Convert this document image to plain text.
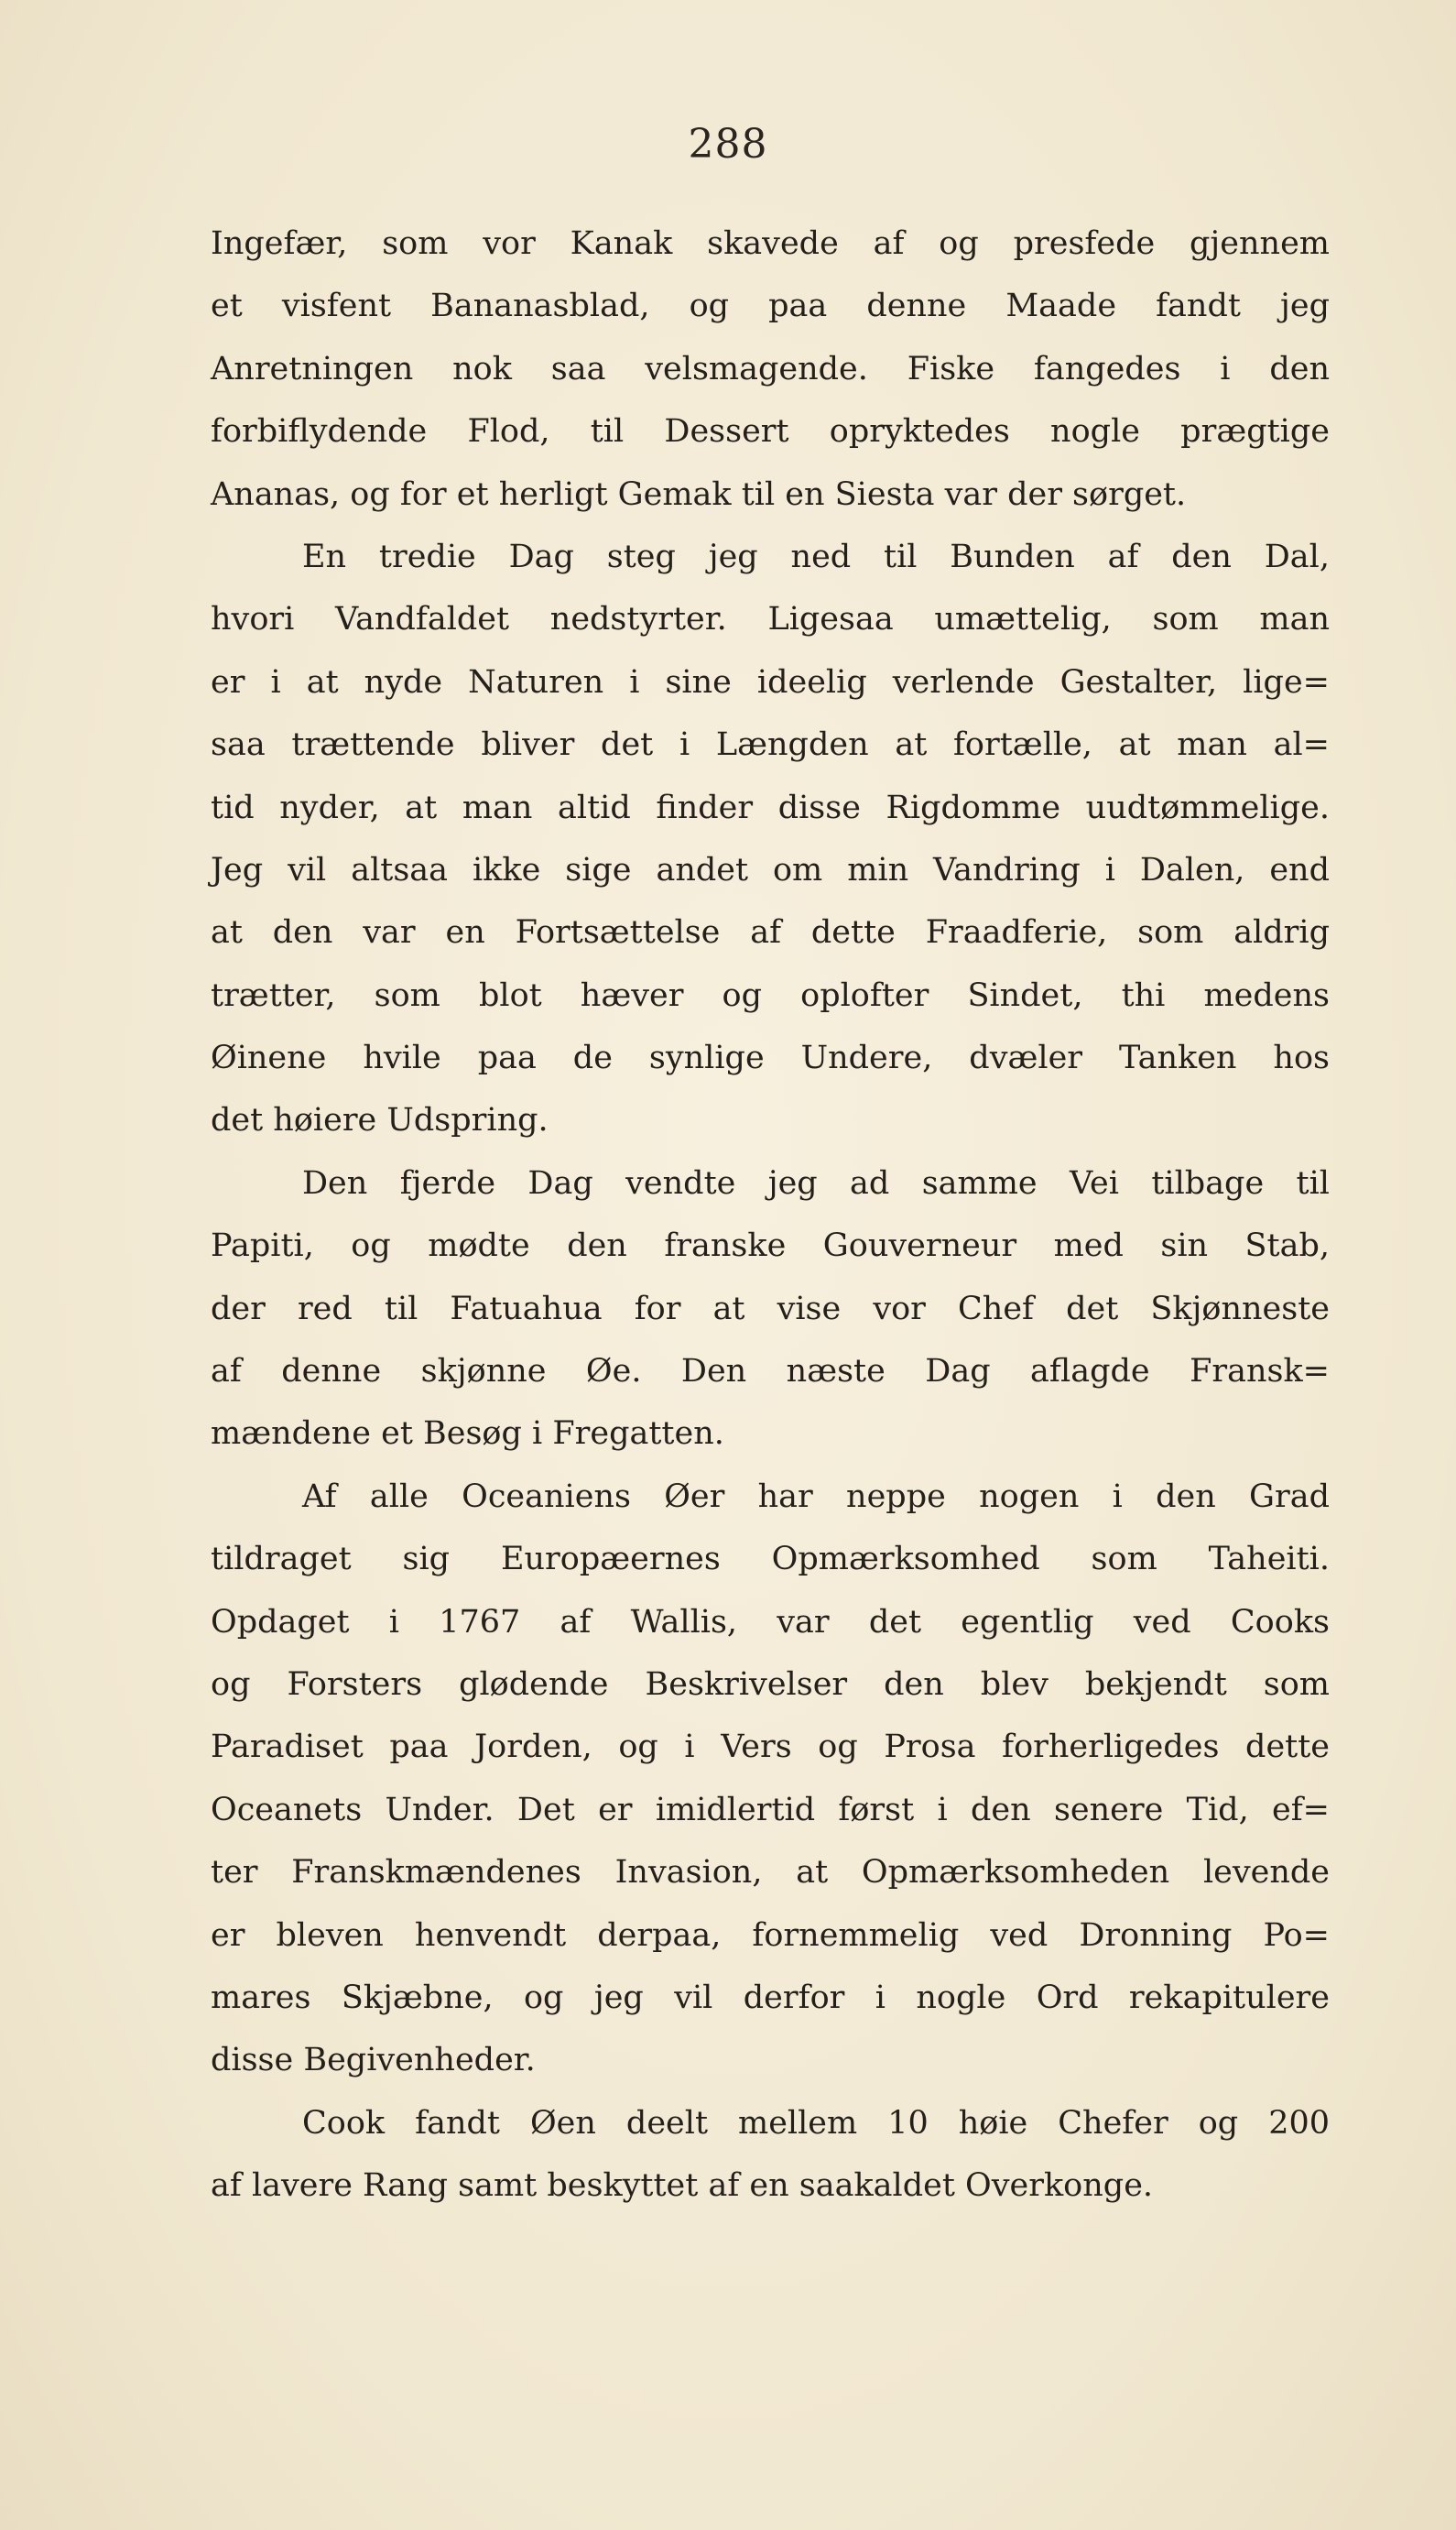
288
Ingefær, som vor Kanak skavede af og presfede gjennem
et visfent Bananasblad, og paa denne Maade fandt jeg
Anretningen nok saa velsmagende. Fiske fangedes i den
forbiflydende Flod, til Dessert opryktedes nogle prægtige
Ananas, og for et herligt Gemak til en Siesta var der sørget.
En tredie Dag steg jeg ned til Bunden af den Dal,
hvori Vandfaldet nedstyrter. Ligesaa umættelig, som man
er i at nyde Naturen i sine ideelig verlende Gestalter, lige=
saa trættende bliver det i Længden at fortælle, at man al=
tid nyder, at man altid finder disse Rigdomme uudtømmelige.
Jeg vil altsaa ikke sige andet om min Vandring i Dalen, end
at den var en Fortsættelse af dette Fraadferie, som aldrig
trætter, som blot hæver og oplofter Sindet, thi medens
Øinene hvile paa de synlige Undere, dvæler Tanken hos
det høiere Udspring.
Den fjerde Dag vendte jeg ad samme Vei tilbage til
Papiti, og mødte den franske Gouverneur med sin Stab,
der red til Fatuahua for at vise vor Chef det Skjønneste
af denne skjønne Øe. Den næste Dag aflagde Fransk=
mændene et Besøg i Fregatten.
Af alle Oceaniens Øer har neppe nogen i den Grad
tildraget sig Europæernes Opmærksomhed som Taheiti.
Opdaget i 1767 af Wallis, var det egentlig ved Cooks
og Forsters glødende Beskrivelser den blev bekjendt som
Paradiset paa Jorden, og i Vers og Prosa forherligedes dette
Oceanets Under. Det er imidlertid først i den senere Tid, ef=
ter Franskmændenes Invasion, at Opmærksomheden levende
er bleven henvendt derpaa, fornemmelig ved Dronning Po=
mares Skjæbne, og jeg vil derfor i nogle Ord rekapitulere
disse Begivenheder.
Cook fandt Øen deelt mellem 10 høie Chefer og 200
af lavere Rang samt beskyttet af en saakaldet Overkonge.
